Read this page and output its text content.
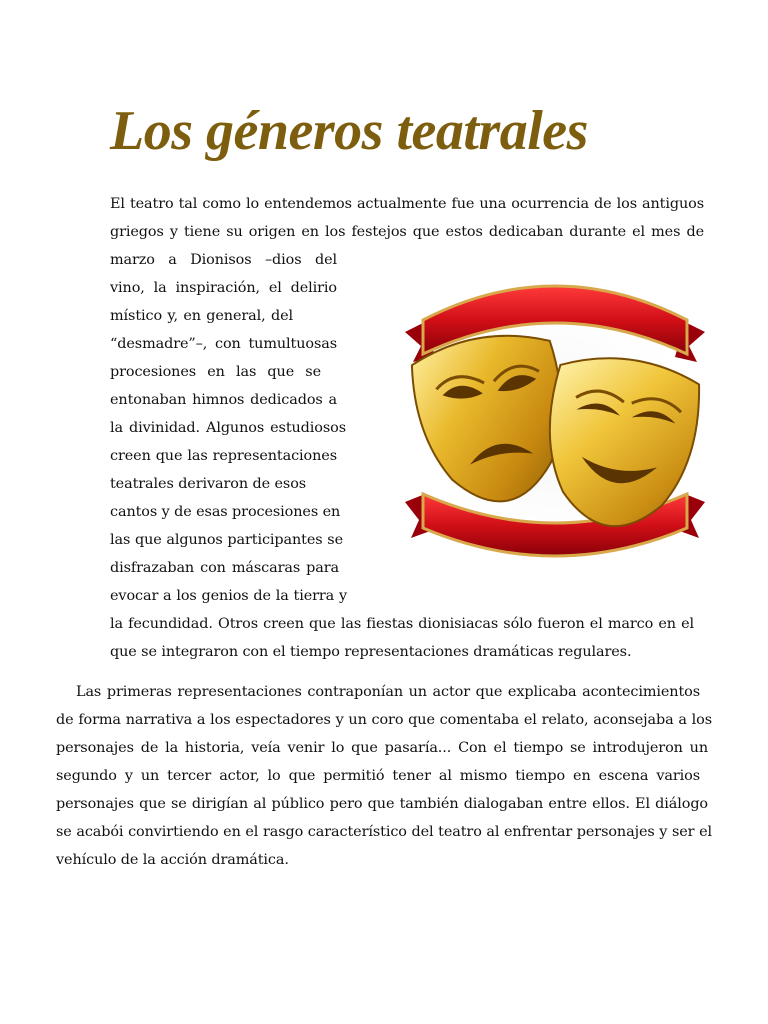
Los géneros teatrales
El teatro tal como lo entendemos actualmente fue una ocurrencia de los antiguos
griegos y tiene su origen en los festejos que estos dedicaban durante el mes de
marzo a Dionisos –dios del
vino, la inspiración, el delirio
místico y, en general, del
“desmadre”–, con tumultuosas
procesiones en las que se
entonaban himnos dedicados a
la divinidad. Algunos estudiosos
creen que las representaciones
teatrales derivaron de esos
cantos y de esas procesiones en
las que algunos participantes se
disfrazaban con máscaras para
evocar a los genios de la tierra y
la fecundidad. Otros creen que las fiestas dionisiacas sólo fueron el marco en el
que se integraron con el tiempo representaciones dramáticas regulares.
Las primeras representaciones contraponían un actor que explicaba acontecimientos
de forma narrativa a los espectadores y un coro que comentaba el relato, aconsejaba a los
personajes de la historia, veía venir lo que pasaría... Con el tiempo se introdujeron un
segundo y un tercer actor, lo que permitió tener al mismo tiempo en escena varios
personajes que se dirigían al público pero que también dialogaban entre ellos. El diálogo
se acabói convirtiendo en el rasgo característico del teatro al enfrentar personajes y ser el
vehículo de la acción dramática.
